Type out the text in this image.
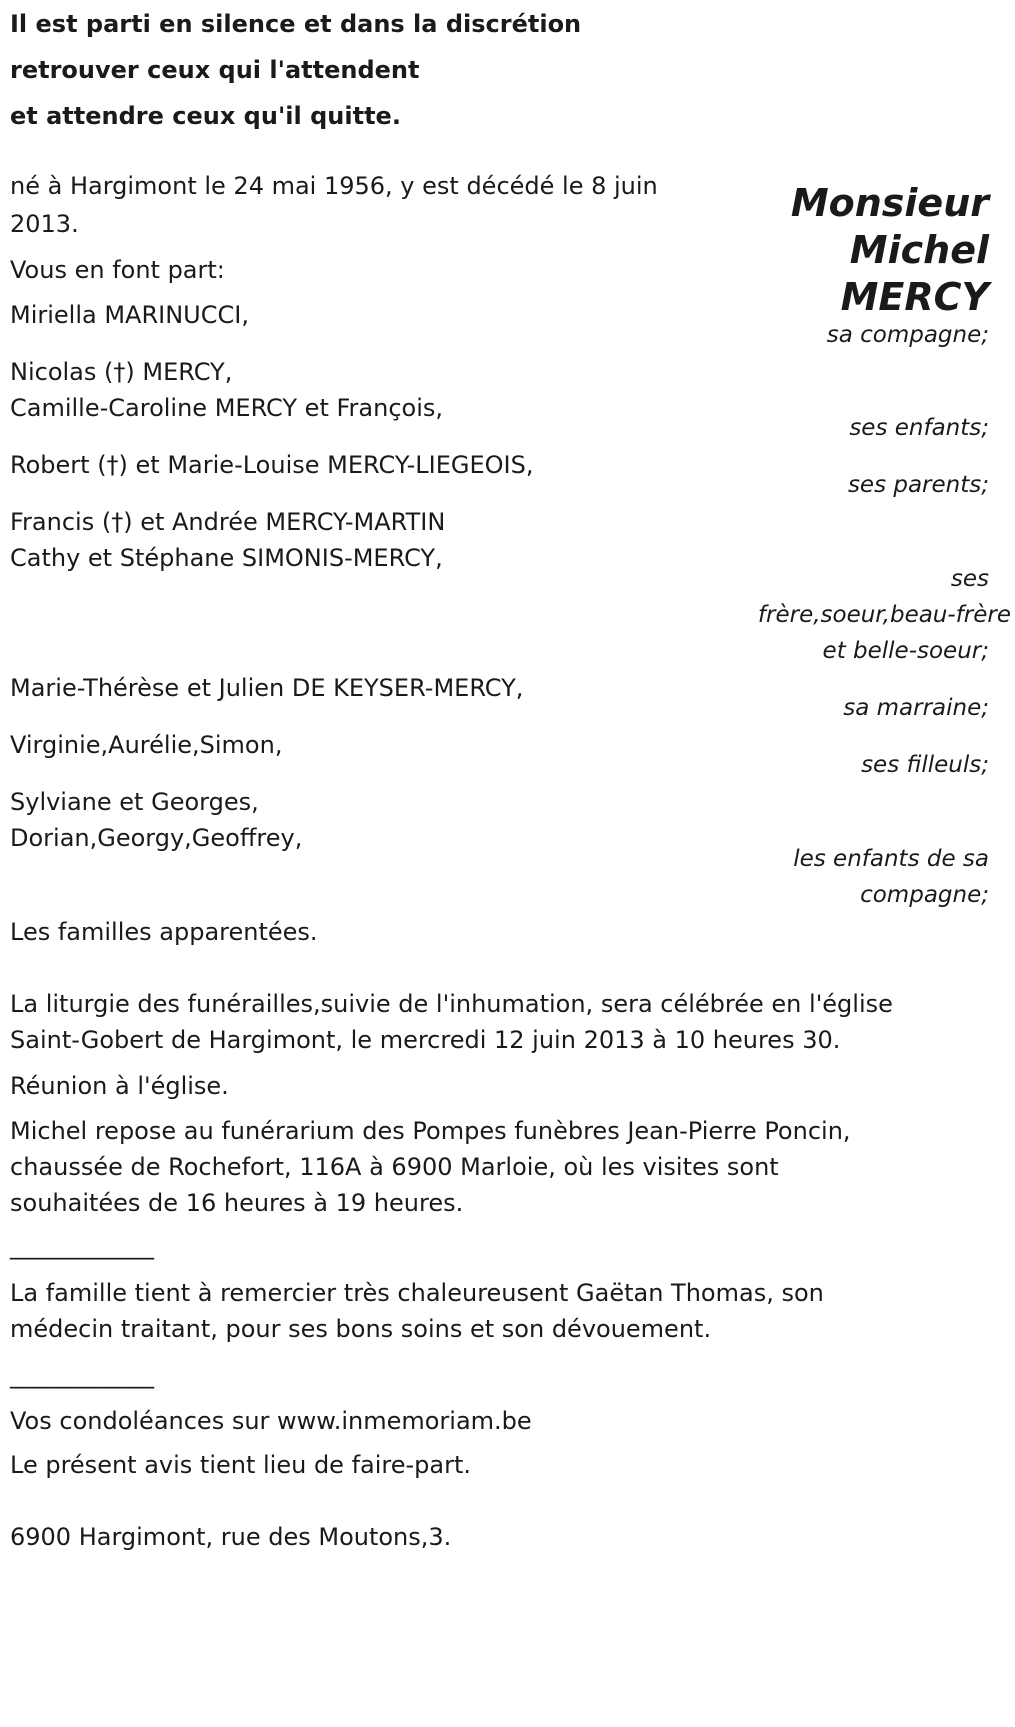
Il est parti en silence et dans la discrétion
retrouver ceux qui l'attendent
et attendre ceux qu'il quitte.
Monsieur
Michel
MERCY
né à Hargimont le 24 mai 1956, y est décédé le 8 juin
2013.
Vous en font part:
Miriella MARINUCCI,
Nicolas (†) MERCY,
Camille-Caroline MERCY et François,
Robert (†) et Marie-Louise MERCY-LIEGEOIS,
Francis (†) et Andrée MERCY-MARTIN
Cathy et Stéphane SIMONIS-MERCY,
Marie-Thérèse et Julien DE KEYSER-MERCY,
Virginie,Aurélie,Simon,
Sylviane et Georges,
Dorian,Georgy,Geoffrey,
sa compagne;
ses enfants;
ses parents;
ses
frère,soeur,beau-frère
et belle-soeur;
sa marraine;
ses filleuls;
les enfants de sa
compagne;
Les familles apparentées.
La liturgie des funérailles,suivie de l'inhumation, sera célébrée en l'église
Saint-Gobert de Hargimont, le mercredi 12 juin 2013 à 10 heures 30.
Réunion à l'église.
Michel repose au funérarium des Pompes funèbres Jean-Pierre Poncin,
chaussée de Rochefort, 116A à 6900 Marloie, où les visites sont
souhaitées de 16 heures à 19 heures.
____________
La famille tient à remercier très chaleureusent Gaëtan Thomas, son
médecin traitant, pour ses bons soins et son dévouement.
____________
Vos condoléances sur www.inmemoriam.be
Le présent avis tient lieu de faire-part.
6900 Hargimont, rue des Moutons,3.
